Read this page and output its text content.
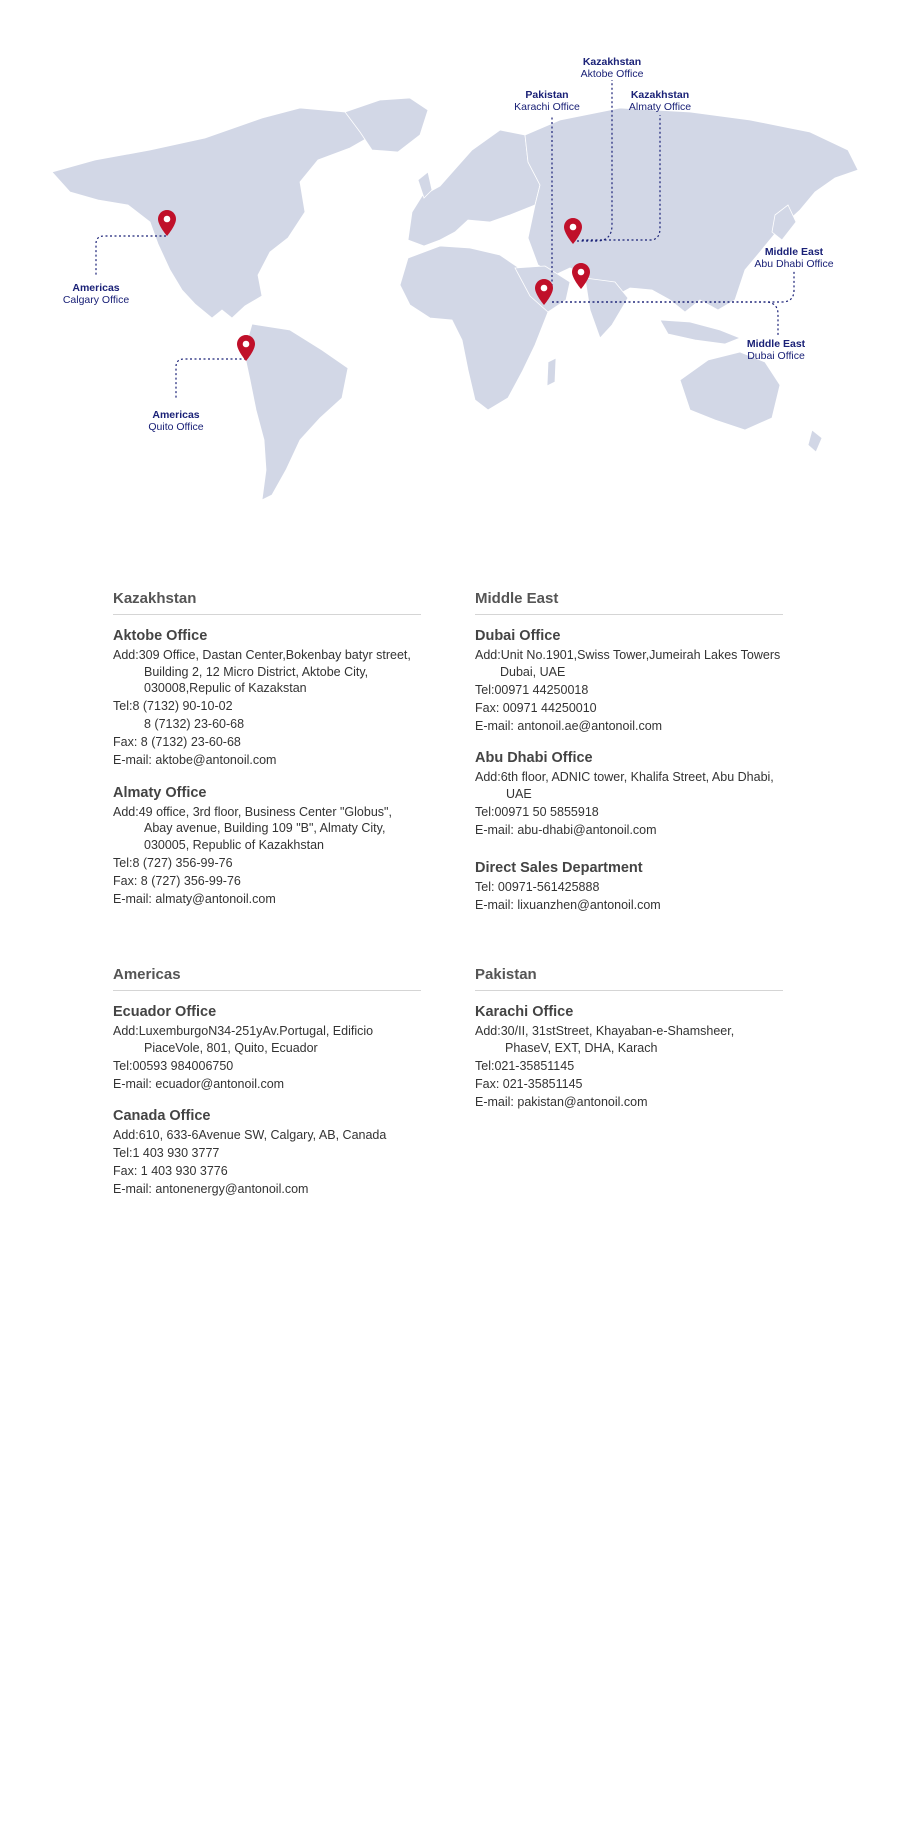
Kazakhstan
Aktobe Office
Pakistan
Karachi Office
Kazakhstan
Almaty Office
Middle East
Abu Dhabi Office
Middle East
Dubai Office
Americas
Calgary Office
Americas
Quito Office
Kazakhstan
Aktobe Office
Add:309 Office, Dastan Center,Bokenbay batyr street, Building 2, 12 Micro District, Aktobe City, 030008,Repulic of Kazakstan
Tel:8 (7132) 90-10-02
8 (7132) 23-60-68
Fax: 8 (7132) 23-60-68
E-mail: aktobe@antonoil.com
Almaty Office
Add:49 office, 3rd floor, Business Center "Globus", Abay avenue, Building 109 "B", Almaty City, 030005, Republic of Kazakhstan
Tel:8 (727) 356-99-76
Fax: 8 (727) 356-99-76
E-mail: almaty@antonoil.com
Middle East
Dubai Office
Add:Unit No.1901,Swiss Tower,Jumeirah Lakes Towers Dubai, UAE
Tel:00971 44250018
Fax: 00971 44250010
E-mail: antonoil.ae@antonoil.com
Abu Dhabi Office
Add:6th floor, ADNIC tower, Khalifa Street, Abu Dhabi, UAE
Tel:00971 50 5855918
E-mail: abu-dhabi@antonoil.com
Direct Sales Department
Tel: 00971-561425888
E-mail: lixuanzhen@antonoil.com
Americas
Ecuador Office
Add:LuxemburgoN34-251yAv.Portugal, Edificio PiaceVole, 801, Quito, Ecuador
Tel:00593 984006750
E-mail: ecuador@antonoil.com
Canada Office
Add:610, 633-6Avenue SW, Calgary, AB, Canada
Tel:1 403 930 3777
Fax: 1 403 930 3776
E-mail: antonenergy@antonoil.com
Pakistan
Karachi Office
Add:30/II, 31stStreet, Khayaban-e-Shamsheer, PhaseV, EXT, DHA, Karach
Tel:021-35851145
Fax: 021-35851145
E-mail: pakistan@antonoil.com
